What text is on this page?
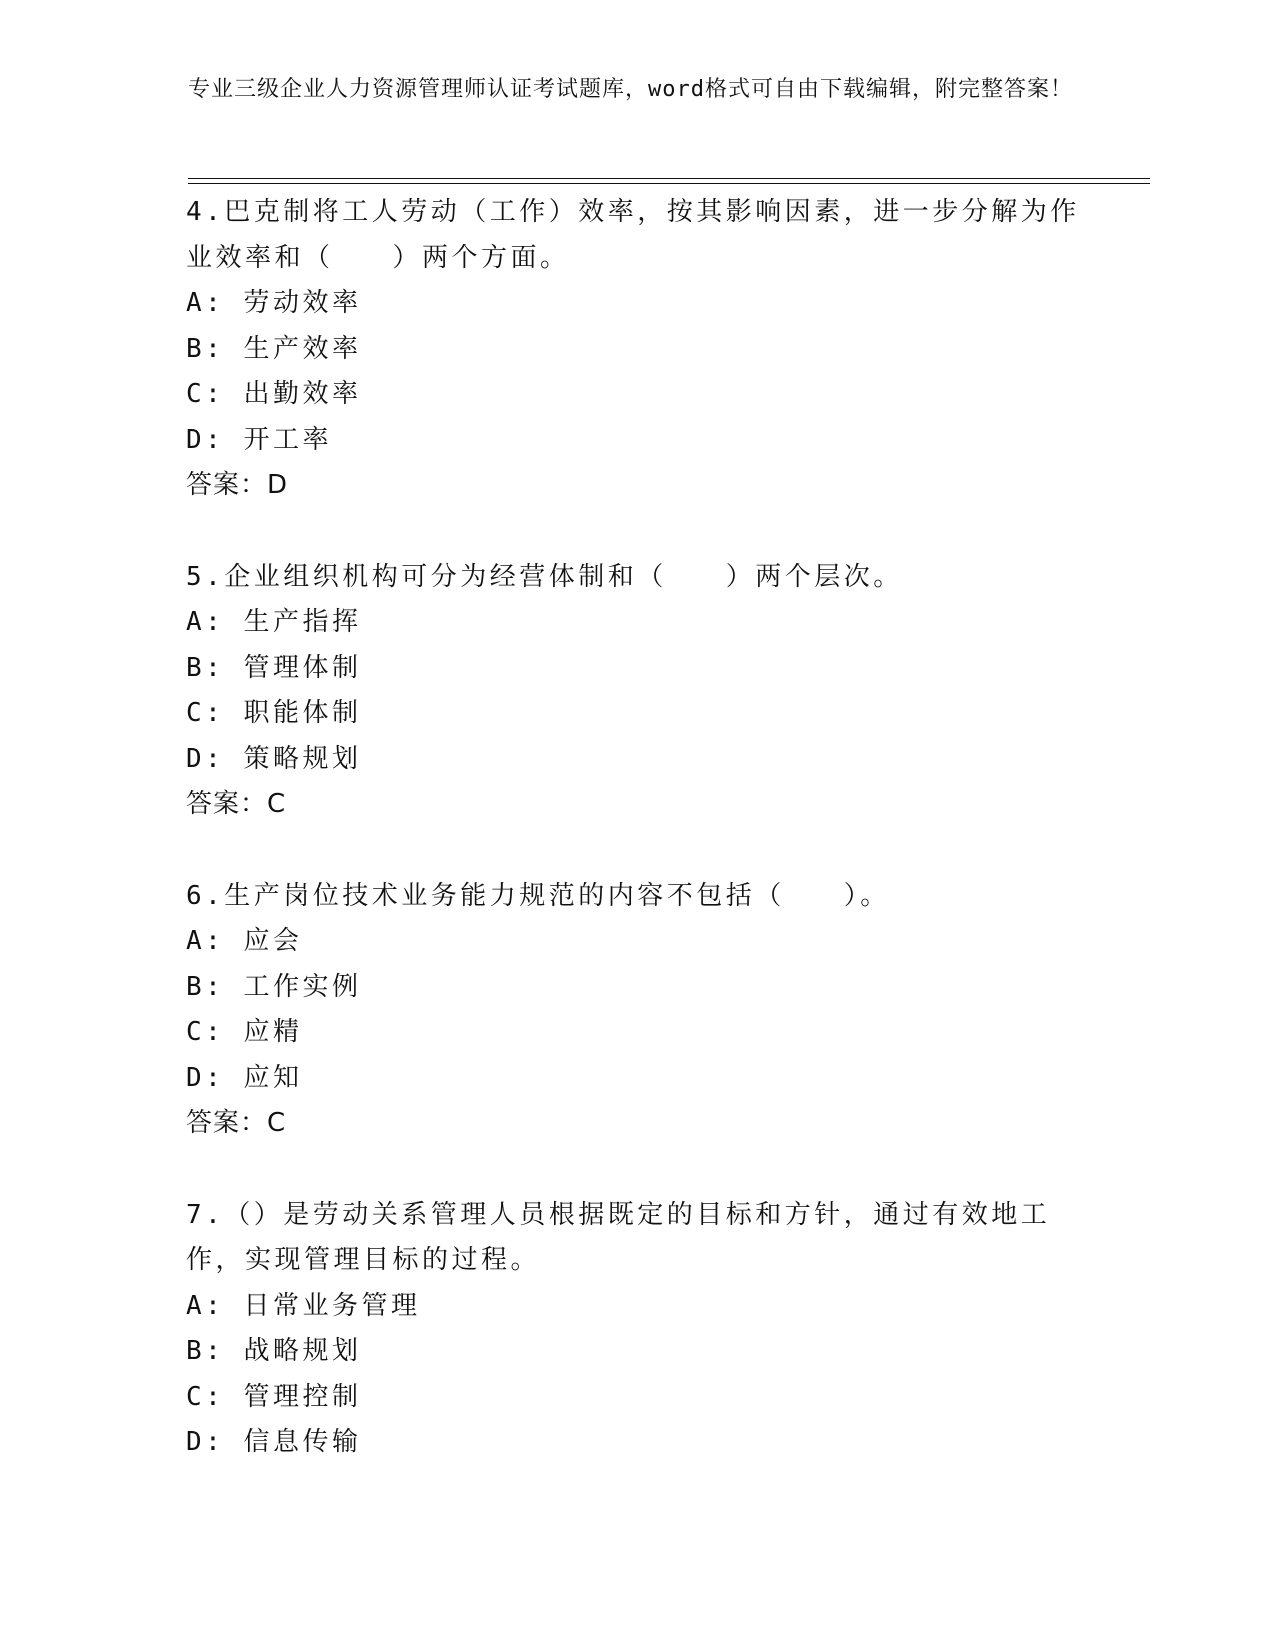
专业三级企业人力资源管理师认证考试题库，word格式可自由下载编辑，附完整答案！
4.巴克制将工人劳动（工作）效率，按其影响因素，进一步分解为作业效率和（　　）两个方面。
A: 劳动效率
B: 生产效率
C: 出勤效率
D: 开工率
答案：D
5.企业组织机构可分为经营体制和（　　）两个层次。
A: 生产指挥
B: 管理体制
C: 职能体制
D: 策略规划
答案：C
6.生产岗位技术业务能力规范的内容不包括（　　）。
A: 应会
B: 工作实例
C: 应精
D: 应知
答案：C
7.（）是劳动关系管理人员根据既定的目标和方针，通过有效地工作，实现管理目标的过程。
A: 日常业务管理
B: 战略规划
C: 管理控制
D: 信息传输
